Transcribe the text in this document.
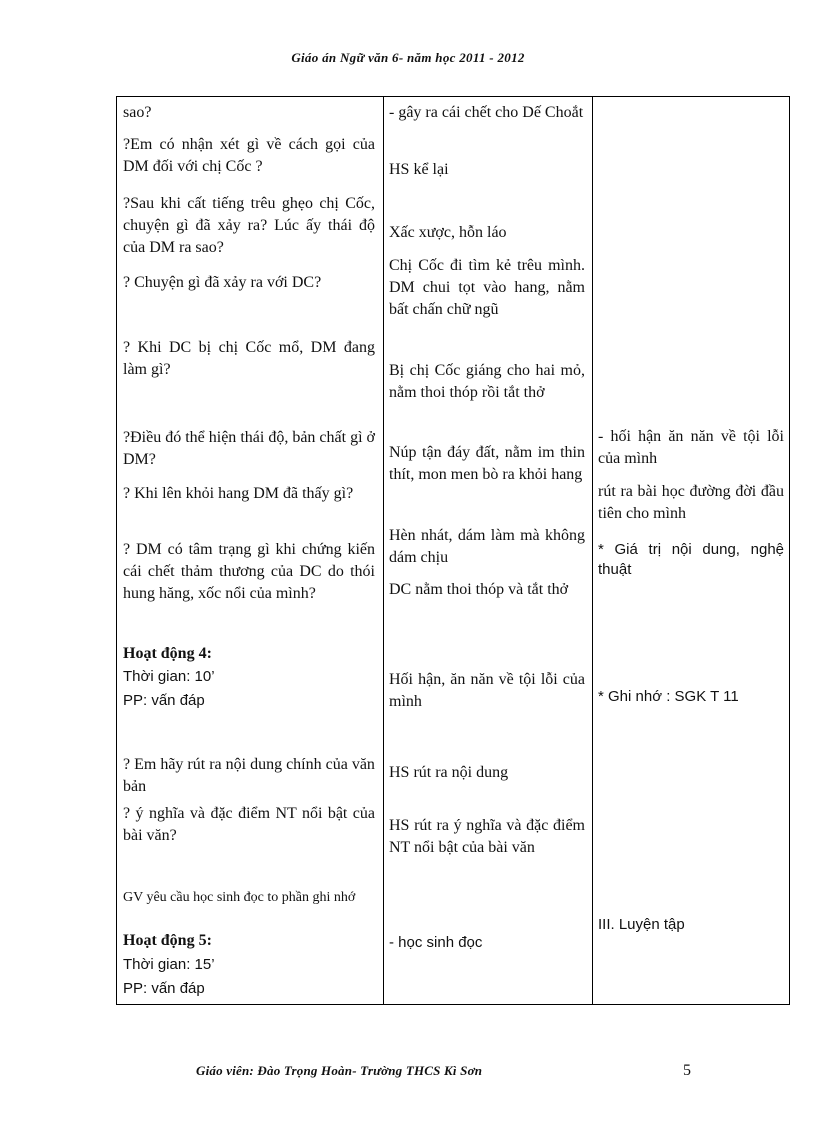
Giáo án Ngữ văn 6- năm học 2011 - 2012
sao?
?Em có nhận xét gì về cách gọi của DM đối với chị Cốc ?
?Sau khi cất tiếng trêu ghẹo chị Cốc, chuyện gì đã xảy ra? Lúc ấy thái độ của DM ra sao?
? Chuyện gì đã xảy ra với DC?
? Khi DC bị chị Cốc mổ, DM đang làm gì?
?Điều đó thể hiện thái độ, bản chất gì ở DM?
? Khi lên khỏi hang DM đã thấy gì?
? DM có tâm trạng gì khi chứng kiến cái chết thảm thương của DC do thói hung hăng, xốc nổi của mình?
Hoạt động 4:
Thời gian: 10’
PP: vấn đáp
? Em hãy rút ra nội dung chính của văn bản
? ý nghĩa và đặc điểm NT nổi bật của bài văn?
GV yêu cầu học sinh đọc to phần ghi nhớ
Hoạt động 5:
Thời gian: 15’
PP: vấn đáp
- gây ra cái chết cho Dế Choắt
HS kể lại
Xấc xược, hỗn láo
Chị Cốc đi tìm kẻ trêu mình. DM chui tọt vào hang, nằm bất chấn chữ ngũ
Bị chị Cốc giáng cho hai mỏ, nằm thoi thóp rồi tắt thở
Núp tận đáy đất, nằm im thin thít, mon men bò ra khỏi hang
Hèn nhát, dám làm mà không dám chịu
DC nằm thoi thóp và tắt thở
Hối hận, ăn năn về tội lỗi của mình
HS rút ra nội dung
HS rút ra ý nghĩa và đặc điểm NT nổi bật của bài văn
- học sinh đọc
- hối hận ăn năn về tội lỗi của mình
rút ra bài học đường đời đầu tiên cho mình
* Giá trị nội dung, nghệ thuật
* Ghi nhớ : SGK T 11
III. Luyện tập
Giáo viên: Đào Trọng Hoàn- Trường THCS Kì Sơn	5
